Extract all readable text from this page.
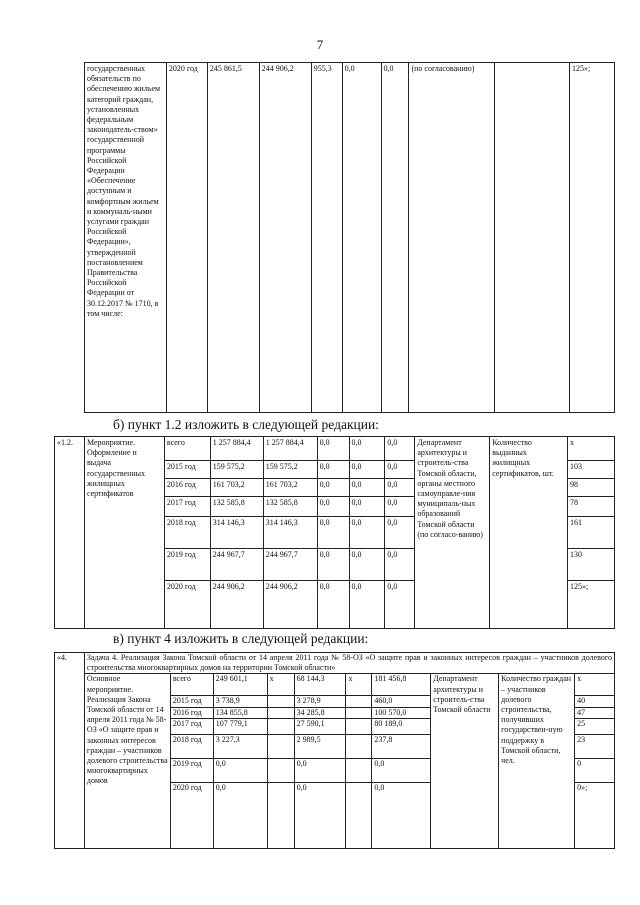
7
государственных обязательств по обеспечению жильем категорий граждан, установленных федеральным законодатель-ством» государственной программы Российской Федерации «Обеспечение доступным и комфортным жильем и коммуналь-ными услугами граждан Российской Федерации», утвержденной постановлением Правительства Российской Федерации от 30.12.2017 № 1710, в том числе:	2020 год	245 861,5	244 906,2	955,3	0,0	0,0	(по согласованию)		125»;
б) пункт 1.2 изложить в следующей редакции:
«1.2.	Мероприятие. Оформление и выдача государственных жилищных сертификатов	всего	1 257 884,4	1 257 884,4	0,0	0,0	0,0	Департамент архитектуры и строитель-ства Томской области, органы местного самоуправле-ния муниципаль-ных образований Томской области (по согласо-ванию)	Количество выданных жилищных сертификатов, шт.	x
		2015 год	159 575,2	159 575,2	0,0	0,0	0,0			103
		2016 год	161 703,2	161 703,2	0,0	0,0	0,0			98
		2017 год	132 585,8	132 585,8	0,0	0,0	0,0			78
		2018 год	314 146,3	314 146,3	0,0	0,0	0,0			161
		2019 год	244 967,7	244 967,7	0,0	0,0	0,0			130
		2020 год	244 906,2	244 906,2	0,0	0,0	0,0			125»;
в) пункт 4 изложить в следующей редакции:
«4.	Задача 4. Реализация Закона Томской области от 14 апреля 2011 года № 58-ОЗ «О защите прав и законных интересов граждан – участников долевого строительства многоквартирных домов на территории Томской области»									
	Основное мероприятие. Реализация Закона Томской области от 14 апреля 2011 года № 58-ОЗ «О защите прав и законных интересов граждан – участников долевого строительства многоквартирных домов	всего	249 601,1	x	68 144,3	x	181 456,8	Департамент архитектуры и строитель-ства Томской области	Количество граждан – участников долевого строительства, получивших государствен-ную поддержку в Томской области, чел.	x
		2015 год	3 738,9		3 278,9		460,0			40
		2016 год	134 855,8		34 285,8		100 570,0			47
		2017 год	107 779,1		27 590,1		80 189,0			25
		2018 год	3 227,3		2 989,5		237,8			23
		2019 год	0,0		0,0		0,0			0
		2020 год	0,0		0,0		0,0			0»;
